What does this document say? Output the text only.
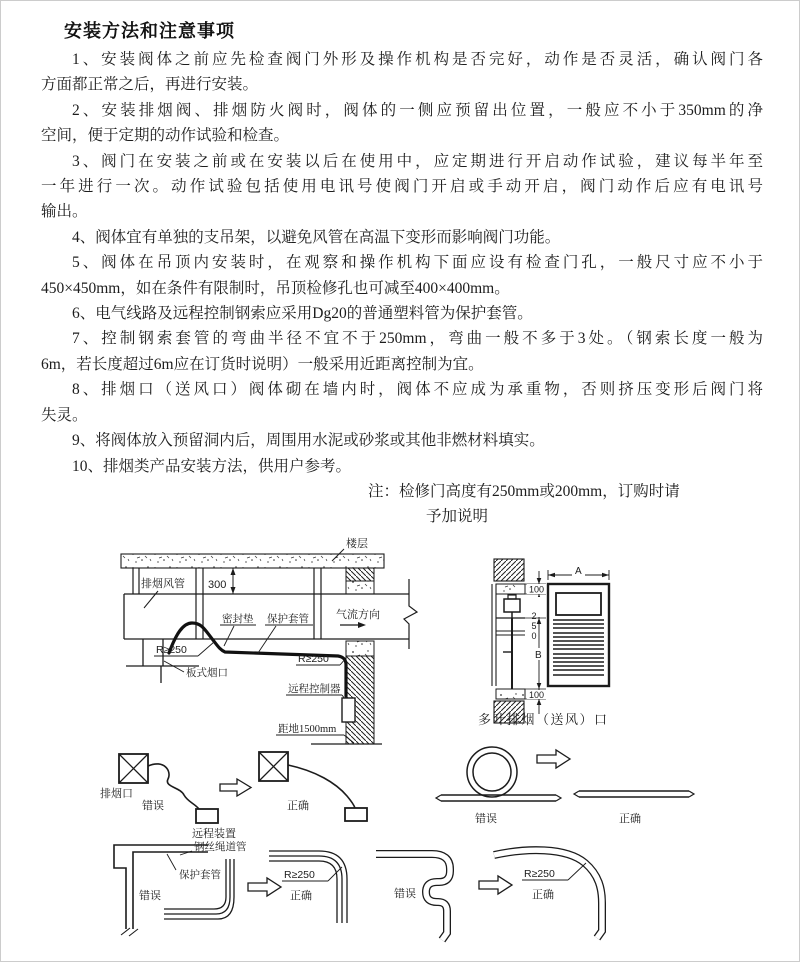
安装方法和注意事项
1、安装阀体之前应先检查阀门外形及操作机构是否完好，动作是否灵活，确认阀门各
方面都正常之后，再进行安装。
2、安装排烟阀、排烟防火阀时，阀体的一侧应预留出位置，一般应不小于350mm的净
空间，便于定期的动作试验和检查。
3、阀门在安装之前或在安装以后在使用中，应定期进行开启动作试验，建议每半年至
一年进行一次。动作试验包括使用电讯号使阀门开启或手动开启，阀门动作后应有电讯号
输出。
4、阀体宜有单独的支吊架，以避免风管在高温下变形而影响阀门功能。
5、阀体在吊顶内安装时，在观察和操作机构下面应设有检查门孔，一般尺寸应不小于
450×450mm，如在条件有限制时，吊顶检修孔也可减至400×400mm。
6、电气线路及远程控制钢索应采用Dg20的普通塑料管为保护套管。
7、控制钢索套管的弯曲半径不宜不于250mm，弯曲一般不多于3处。（钢索长度一般为
6m，若长度超过6m应在订货时说明）一般采用近距离控制为宜。
8、排烟口（送风口）阀体砌在墙内时，阀体不应成为承重物，否则挤压变形后阀门将
失灵。
9、将阀体放入预留洞内后，周围用水泥或砂浆或其他非燃材料填实。
10、排烟类产品安装方法，供用户参考。
注：检修门高度有250mm或200mm，订购时请
予加说明
楼层
300
排烟风管
气流方向
密封垫 保护套管
R≥250
R≥250
板式烟口
远程控制器
距地1500mm
100
250
B
100
A
多叶排烟（送风）口
排烟口
错误
远程装置
正确
错误	正确
钢丝绳道管
保护套管
错误
R≥250
正确	错误
R≥250
正确
